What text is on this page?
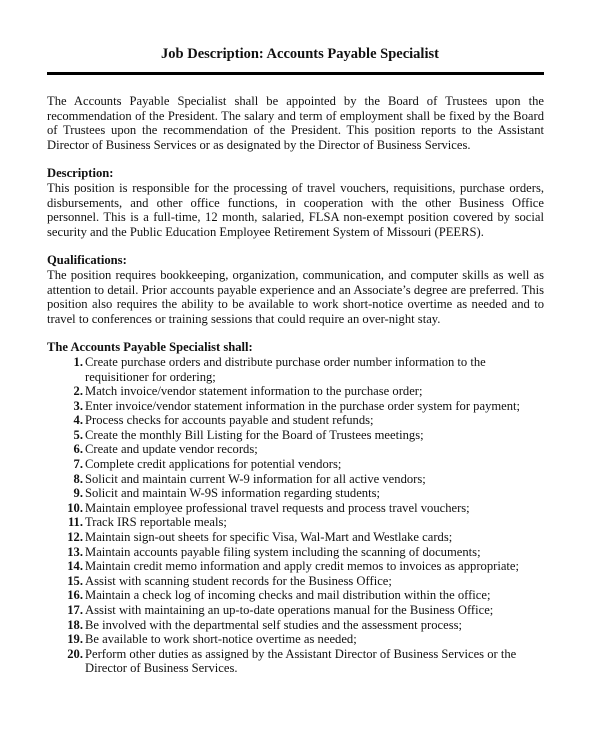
Job Description: Accounts Payable Specialist

The Accounts Payable Specialist shall be appointed by the Board of Trustees upon the recommendation of the President. The salary and term of employment shall be fixed by the Board of Trustees upon the recommendation of the President. This position reports to the Assistant Director of Business Services or as designated by the Director of Business Services.

Description:

This position is responsible for the processing of travel vouchers, requisitions, purchase orders, disbursements, and other office functions, in cooperation with the other Business Office personnel. This is a full-time, 12 month, salaried, FLSA non-exempt position covered by social security and the Public Education Employee Retirement System of Missouri (PEERS).

Qualifications:

The position requires bookkeeping, organization, communication, and computer skills as well as attention to detail. Prior accounts payable experience and an Associate’s degree are preferred. This position also requires the ability to be available to work short-notice overtime as needed and to travel to conferences or training sessions that could require an over-night stay.

The Accounts Payable Specialist shall:

1. Create purchase orders and distribute purchase order number information to the requisitioner for ordering;
2. Match invoice/vendor statement information to the purchase order;
3. Enter invoice/vendor statement information in the purchase order system for payment;
4. Process checks for accounts payable and student refunds;
5. Create the monthly Bill Listing for the Board of Trustees meetings;
6. Create and update vendor records;
7. Complete credit applications for potential vendors;
8. Solicit and maintain current W-9 information for all active vendors;
9. Solicit and maintain W-9S information regarding students;
10. Maintain employee professional travel requests and process travel vouchers;
11. Track IRS reportable meals;
12. Maintain sign-out sheets for specific Visa, Wal-Mart and Westlake cards;
13. Maintain accounts payable filing system including the scanning of documents;
14. Maintain credit memo information and apply credit memos to invoices as appropriate;
15. Assist with scanning student records for the Business Office;
16. Maintain a check log of incoming checks and mail distribution within the office;
17. Assist with maintaining an up-to-date operations manual for the Business Office;
18. Be involved with the departmental self studies and the assessment process;
19. Be available to work short-notice overtime as needed;
20. Perform other duties as assigned by the Assistant Director of Business Services or the Director of Business Services.
